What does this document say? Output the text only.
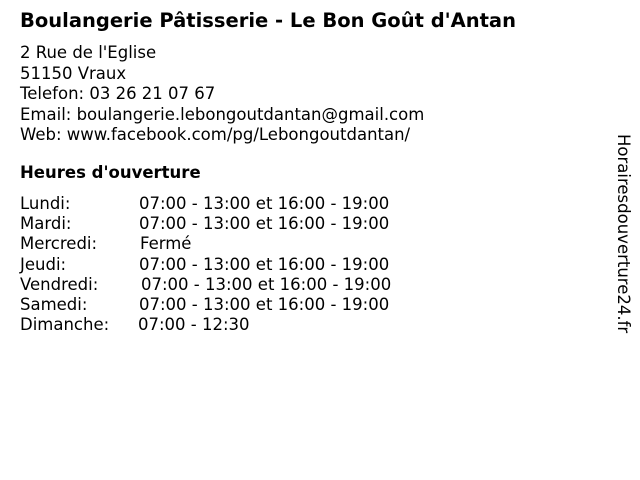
Boulangerie Pâtisserie - Le Bon Goût d'Antan
2 Rue de l'Eglise
51150 Vraux
Telefon: 03 26 21 07 67
Email: boulangerie.lebongoutdantan@gmail.com
Web: www.facebook.com/pg/Lebongoutdantan/
Heures d'ouverture
Lundi:	07:00 - 13:00 et 16:00 - 19:00
Mardi:	07:00 - 13:00 et 16:00 - 19:00
Mercredi:	Fermé
Jeudi:	07:00 - 13:00 et 16:00 - 19:00
Vendredi:	07:00 - 13:00 et 16:00 - 19:00
Samedi:	07:00 - 13:00 et 16:00 - 19:00
Dimanche: 07:00 - 12:30	Horairesdouverture24.fr
